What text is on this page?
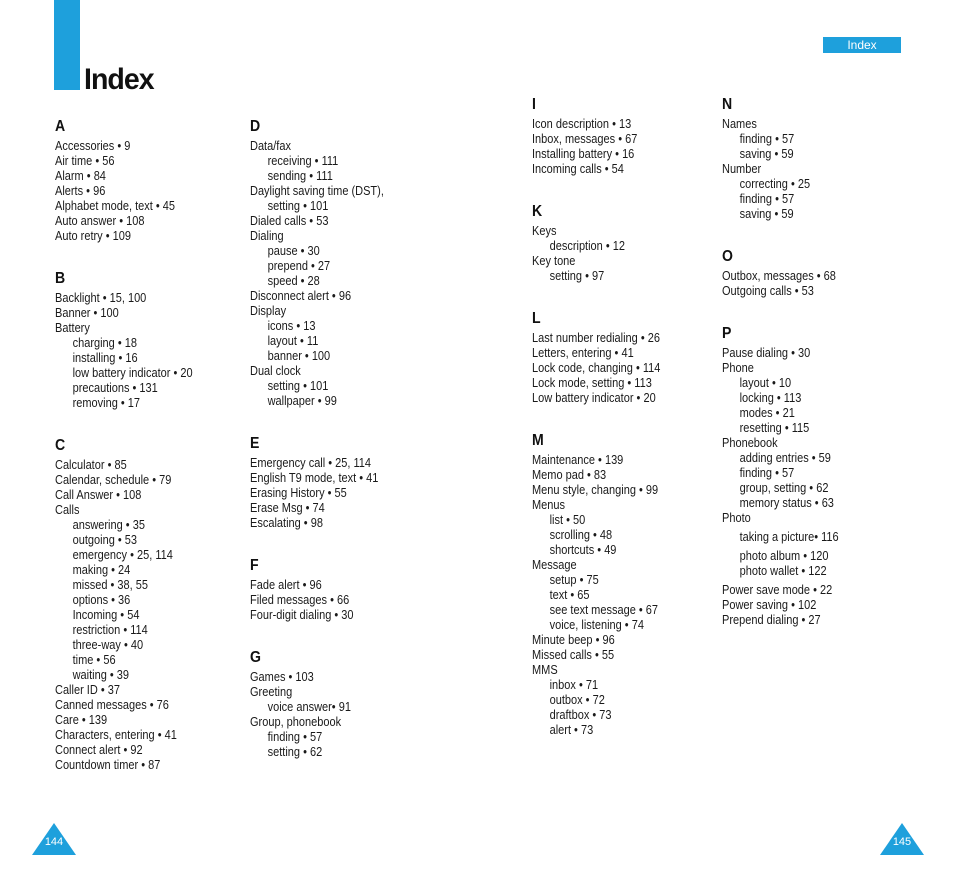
Index
Index
A
Accessories • 9
Air time • 56
Alarm • 84
Alerts • 96
Alphabet mode, text • 45
Auto answer • 108
Auto retry • 109
B
Backlight • 15, 100
Banner • 100
Battery
charging • 18
installing • 16
low battery indicator • 20
precautions • 131
removing • 17
C
Calculator • 85
Calendar, schedule • 79
Call Answer • 108
Calls
answering • 35
outgoing • 53
emergency • 25, 114
making • 24
missed • 38, 55
options • 36
Incoming • 54
restriction • 114
three-way • 40
time • 56
waiting • 39
Caller ID • 37
Canned messages • 76
Care • 139
Characters, entering • 41
Connect alert • 92
Countdown timer • 87
D
Data/fax
receiving • 111
sending • 111
Daylight saving time (DST),
setting • 101
Dialed calls • 53
Dialing
pause • 30
prepend • 27
speed • 28
Disconnect alert • 96
Display
icons • 13
layout • 11
banner • 100
Dual clock
setting • 101
wallpaper • 99
E
Emergency call • 25, 114
English T9 mode, text • 41
Erasing History • 55
Erase Msg • 74
Escalating • 98
F
Fade alert • 96
Filed messages • 66
Four-digit dialing • 30
G
Games • 103
Greeting
voice answer• 91
Group, phonebook
finding • 57
setting • 62
I
Icon description • 13
Inbox, messages • 67
Installing battery • 16
Incoming calls • 54
K
Keys
description • 12
Key tone
setting • 97
L
Last number redialing • 26
Letters, entering • 41
Lock code, changing • 114
Lock mode, setting • 113
Low battery indicator • 20
M
Maintenance • 139
Memo pad • 83
Menu style, changing • 99
Menus
list • 50
scrolling • 48
shortcuts • 49
Message
setup • 75
text • 65
see text message • 67
voice, listening • 74
Minute beep • 96
Missed calls • 55
MMS
inbox • 71
outbox • 72
draftbox • 73
alert • 73
N
Names
finding • 57
saving • 59
Number
correcting • 25
finding • 57
saving • 59
O
Outbox, messages • 68
Outgoing calls • 53
P
Pause dialing • 30
Phone
layout • 10
locking • 113
modes • 21
resetting • 115
Phonebook
adding entries • 59
finding • 57
group, setting • 62
memory status • 63
Photo
taking a picture• 116
photo album • 120
photo wallet • 122
Power save mode • 22
Power saving • 102
Prepend dialing • 27
144	145
